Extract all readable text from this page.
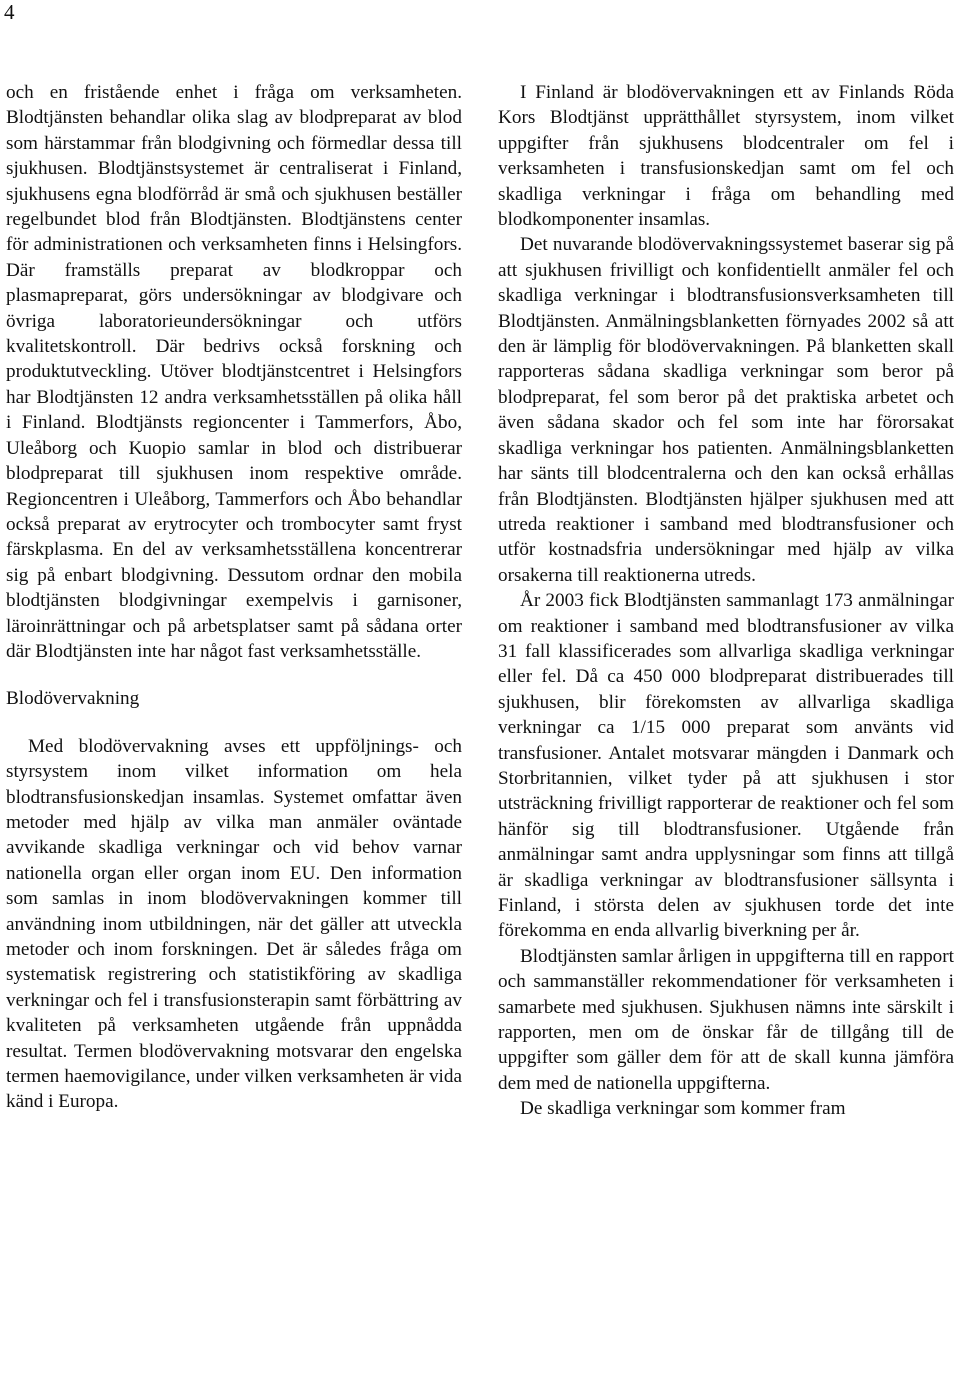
4

och en fristående enhet i fråga om verksamheten. Blodtjänsten behandlar olika slag av blodpreparat av blod som härstammar från blodgivning och förmedlar dessa till sjukhusen. Blodtjänstsystemet är centraliserat i Finland, sjukhusens egna blodförråd är små och sjukhusen beställer regelbundet blod från Blodtjänsten. Blodtjänstens center för administrationen och verksamheten finns i Helsingfors. Där framställs preparat av blodkroppar och plasmapreparat, görs undersökningar av blodgivare och övriga laboratorieundersökningar och utförs kvalitetskontroll. Där bedrivs också forskning och produktutveckling. Utöver blodtjänstcentret i Helsingfors har Blodtjänsten 12 andra verksamhetsställen på olika håll i Finland. Blodtjänsts regioncenter i Tammerfors, Åbo, Uleåborg och Kuopio samlar in blod och distribuerar blodpreparat till sjukhusen inom respektive område. Regioncentren i Uleåborg, Tammerfors och Åbo behandlar också preparat av erytrocyter och trombocyter samt fryst färskplasma. En del av verksamhetsställena koncentrerar sig på enbart blodgivning. Dessutom ordnar den mobila blodtjänsten blodgivningar exempelvis i garnisoner, läroinrättningar och på arbetsplatser samt på sådana orter där Blodtjänsten inte har något fast verksamhetsställe.

Blodövervakning

Med blodövervakning avses ett uppföljnings- och styrsystem inom vilket information om hela blodtransfusionskedjan insamlas. Systemet omfattar även metoder med hjälp av vilka man anmäler oväntade avvikande skadliga verkningar och vid behov varnar nationella organ eller organ inom EU. Den information som samlas in inom blodövervakningen kommer till användning inom utbildningen, när det gäller att utveckla metoder och inom forskningen. Det är således fråga om systematisk registrering och statistikföring av skadliga verkningar och fel i transfusionsterapin samt förbättring av kvaliteten på verksamheten utgående från uppnådda resultat. Termen blodövervakning motsvarar den engelska termen haemovigilance, under vilken verksamheten är vida känd i Europa.

I Finland är blodövervakningen ett av Finlands Röda Kors Blodtjänst upprätthållet styrsystem, inom vilket uppgifter från sjukhusens blodcentraler om fel i verksamheten i transfusionskedjan samt om fel och skadliga verkningar i fråga om behandling med blodkomponenter insamlas.

Det nuvarande blodövervakningssystemet baserar sig på att sjukhusen frivilligt och konfidentiellt anmäler fel och skadliga verkningar i blodtransfusionsverksamheten till Blodtjänsten. Anmälningsblanketten förnyades 2002 så att den är lämplig för blodövervakningen. På blanketten skall rapporteras sådana skadliga verkningar som beror på blodpreparat, fel som beror på det praktiska arbetet och även sådana skador och fel som inte har förorsakat skadliga verkningar hos patienten. Anmälningsblanketten har sänts till blodcentralerna och den kan också erhållas från Blodtjänsten. Blodtjänsten hjälper sjukhusen med att utreda reaktioner i samband med blodtransfusioner och utför kostnadsfria undersökningar med hjälp av vilka orsakerna till reaktionerna utreds.

År 2003 fick Blodtjänsten sammanlagt 173 anmälningar om reaktioner i samband med blodtransfusioner av vilka 31 fall klassificerades som allvarliga skadliga verkningar eller fel. Då ca 450 000 blodpreparat distribuerades till sjukhusen, blir förekomsten av allvarliga skadliga verkningar ca 1/15 000 preparat som använts vid transfusioner. Antalet motsvarar mängden i Danmark och Storbritannien, vilket tyder på att sjukhusen i stor utsträckning frivilligt rapporterar de reaktioner och fel som hänför sig till blodtransfusioner. Utgående från anmälningar samt andra upplysningar som finns att tillgå är skadliga verkningar av blodtransfusioner sällsynta i Finland, i största delen av sjukhusen torde det inte förekomma en enda allvarlig biverkning per år.

Blodtjänsten samlar årligen in uppgifterna till en rapport och sammanställer rekommendationer för verksamheten i samarbete med sjukhusen. Sjukhusen nämns inte särskilt i rapporten, men om de önskar får de tillgång till de uppgifter som gäller dem för att de skall kunna jämföra dem med de nationella uppgifterna.

De skadliga verkningar som kommer fram
